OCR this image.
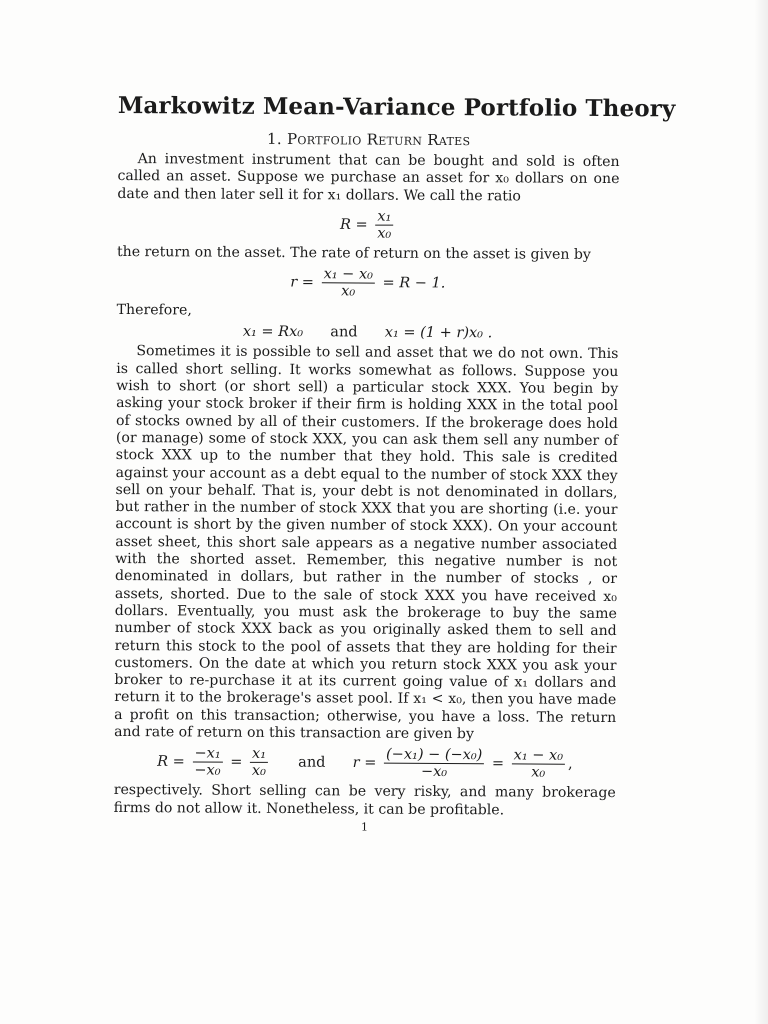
Markowitz Mean-Variance Portfolio Theory
1. Portfolio Return Rates

An investment instrument that can be bought and sold is often called an asset. Suppose we purchase an asset for x₀ dollars on one date and then later sell it for x₁ dollars. We call the ratio

$R = \frac{\text{x₁}}{\text{x₀}}$

the return on the asset. The rate of return on the asset is given by

$r = \frac{\text{x₁ − x₀}}{\text{x₀}} = R - 1$.

Therefore,

x₁ = Rx₀ and x₁ = (1 + r)x₀ .

Sometimes it is possible to sell and asset that we do not own. This is called short selling. It works somewhat as follows. Suppose you wish to short (or short sell) a particular stock XXX. You begin by asking your stock broker if their firm is holding XXX in the total pool of stocks owned by all of their customers. If the brokerage does hold (or manage) some of stock XXX, you can ask them sell any number of stock XXX up to the number that they hold. This sale is credited against your account as a debt equal to the number of stock XXX they sell on your behalf. That is, your debt is not denominated in dollars, but rather in the number of stock XXX that you are shorting (i.e. your account is short by the given number of stock XXX). On your account asset sheet, this short sale appears as a negative number associated with the shorted asset. Remember, this negative number is not denominated in dollars, but rather in the number of stocks , or assets, shorted. Due to the sale of stock XXX you have received x₀ dollars. Eventually, you must ask the brokerage to buy the same number of stock XXX back as you originally asked them to sell and return this stock to the pool of assets that they are holding for their customers. On the date at which you return stock XXX you ask your broker to re-purchase it at its current going value of x₁ dollars and return it to the brokerage's asset pool. If x₁ < x₀, then you have made a profit on this transaction; otherwise, you have a loss. The return and rate of return on this transaction are given by

$R = \frac{\text{−x₁}}{\text{−x₀}} = \frac{\text{x₁}}{\text{x₀}}$ and $r = \frac{\text{(−x₁) − (−x₀)}}{\text{−x₀}} = \frac{\text{x₁ − x₀}}{\text{x₀}}$ ,

respectively. Short selling can be very risky, and many brokerage firms do not allow it. Nonetheless, it can be profitable.

1
